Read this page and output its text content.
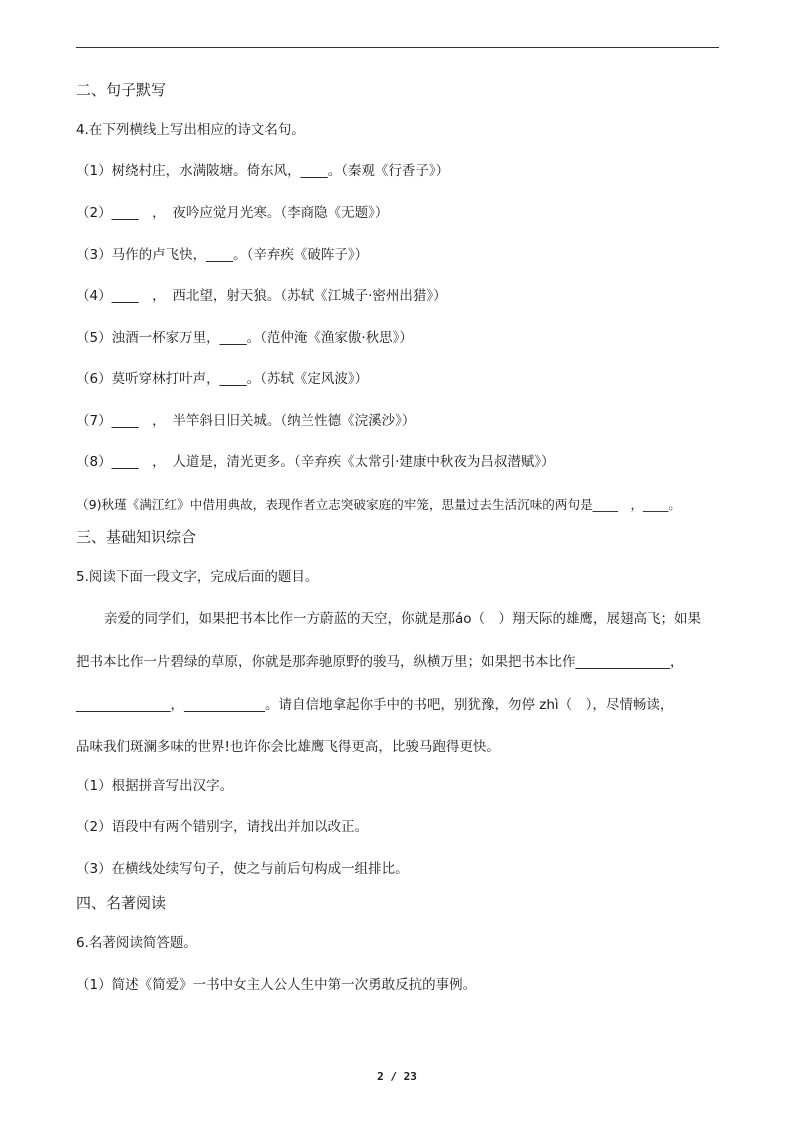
二、句子默写
4.在下列横线上写出相应的诗文名句。
（1）树绕村庄，水满陂塘。倚东风，____。（秦观《行香子》）
（2）____　，　夜吟应觉月光寒。（李商隐《无题》）
（3）马作的卢飞快，____。（辛弃疾《破阵子》）
（4）____　，　西北望，射天狼。（苏轼《江城子·密州出猎》）
（5）浊酒一杯家万里，____。（范仲淹《渔家傲·秋思》）
（6）莫听穿林打叶声，____。（苏轼《定风波》）
（7）____　，　半竿斜日旧关城。（纳兰性德《浣溪沙》）
（8）____　，　人道是，清光更多。（辛弃疾《太常引·建康中秋夜为吕叔潜赋》）
（9)秋瑾《满江红》中借用典故，表现作者立志突破家庭的牢笼，思量过去生活沉味的两句是____　，____。
三、基础知识综合
5.阅读下面一段文字，完成后面的题目。
亲爱的同学们，如果把书本比作一方蔚蓝的天空，你就是那áo（　）翔天际的雄鹰，展翅高飞；如果
把书本比作一片碧绿的草原，你就是那奔驰原野的骏马，纵横万里；如果把书本比作______________，
______________，____________。请自信地拿起你手中的书吧，别犹豫，勿停 zhì（　），尽情畅读，
品味我们斑澜多味的世界!也许你会比雄鹰飞得更高，比骏马跑得更快。
（1）根据拼音写出汉字。
（2）语段中有两个错别字，请找出并加以改正。
（3）在横线处续写句子，使之与前后句构成一组排比。
四、名著阅读
6.名著阅读简答题。
（1）简述《简爱》一书中女主人公人生中第一次勇敢反抗的事例。
2 / 23
